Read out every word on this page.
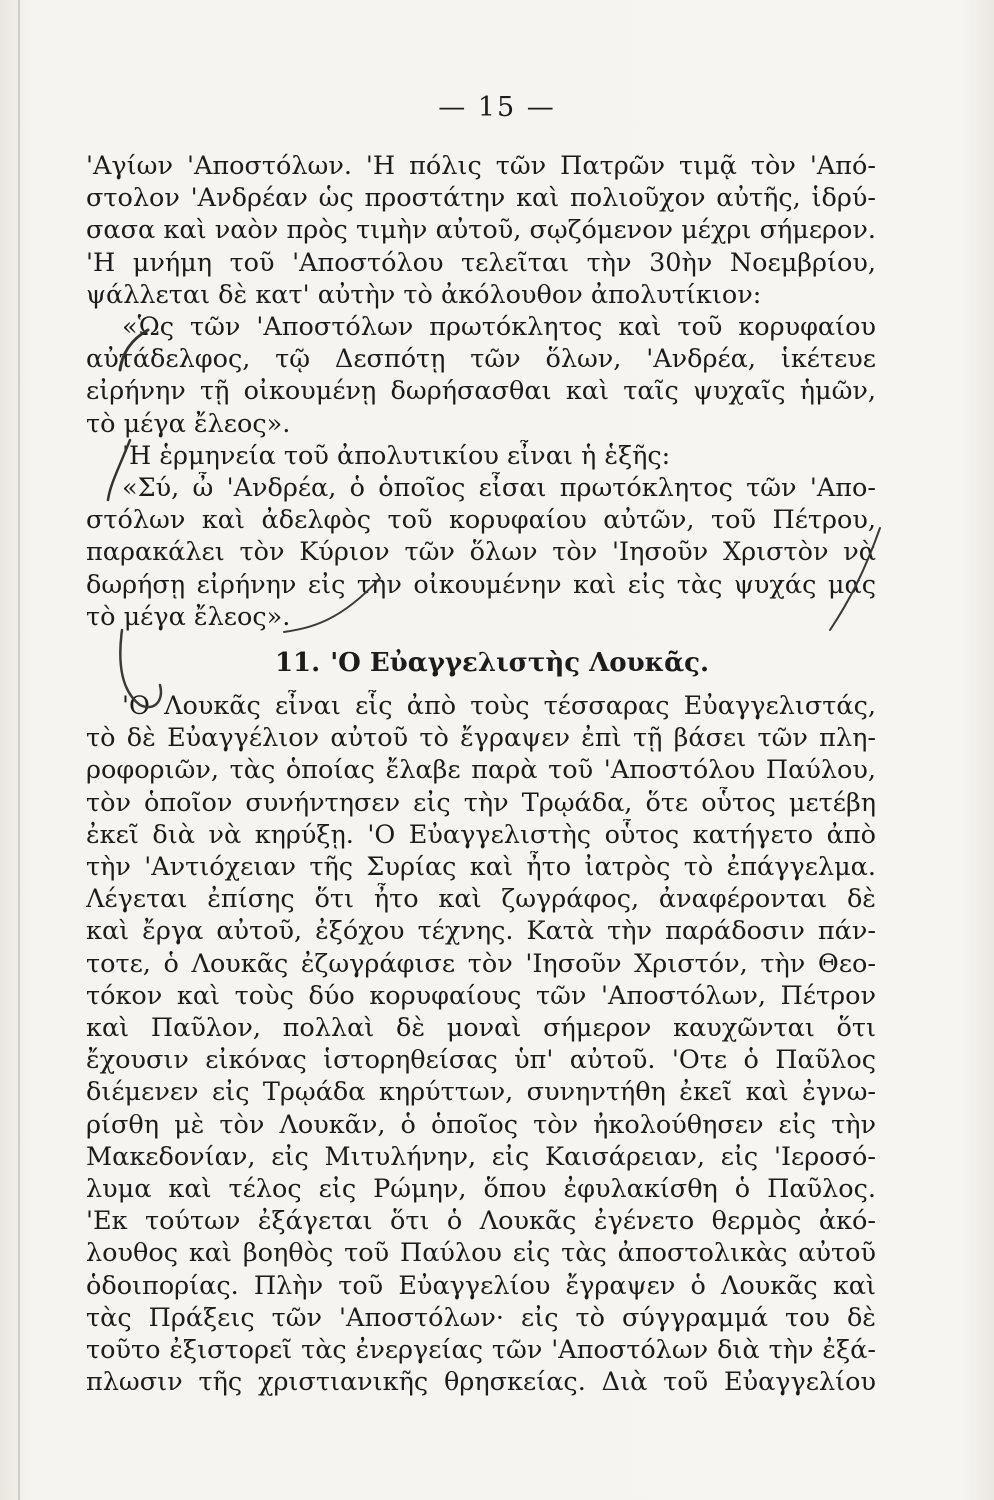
— 15 —
'Αγίων 'Αποστόλων. 'Η πόλις τῶν Πατρῶν τιμᾷ τὸν 'Από-
στολον 'Ανδρέαν ὡς προστάτην καὶ πολιοῦχον αὐτῆς, ἱδρύ-
σασα καὶ ναὸν πρὸς τιμὴν αὐτοῦ, σῳζόμενον μέχρι σήμερον.
'Η μνήμη τοῦ 'Αποστόλου τελεῖται τὴν 30ὴν Νοεμβρίου,
ψάλλεται δὲ κατ' αὐτὴν τὸ ἀκόλουθον ἀπολυτίκιον:
«Ὡς τῶν 'Αποστόλων πρωτόκλητος καὶ τοῦ κορυφαίου
αὐτάδελφος, τῷ Δεσπότῃ τῶν ὅλων, 'Ανδρέα, ἱκέτευε
εἰρήνην τῇ οἰκουμένῃ δωρήσασθαι καὶ ταῖς ψυχαῖς ἡμῶν,
τὸ μέγα ἔλεος».
'Η ἑρμηνεία τοῦ ἀπολυτικίου εἶναι ἡ ἑξῆς:
«Σύ, ὦ 'Ανδρέα, ὁ ὁποῖος εἶσαι πρωτόκλητος τῶν 'Απο-
στόλων καὶ ἀδελφὸς τοῦ κορυφαίου αὐτῶν, τοῦ Πέτρου,
παρακάλει τὸν Κύριον τῶν ὅλων τὸν 'Ιησοῦν Χριστὸν νὰ
δωρήσῃ εἰρήνην εἰς τὴν οἰκουμένην καὶ εἰς τὰς ψυχάς μας
τὸ μέγα ἔλεος».
11. 'Ο Εὐαγγελιστὴς Λουκᾶς.
'Ο Λουκᾶς εἶναι εἷς ἀπὸ τοὺς τέσσαρας Εὐαγγελιστάς,
τὸ δὲ Εὐαγγέλιον αὐτοῦ τὸ ἔγραψεν ἐπὶ τῇ βάσει τῶν πλη-
ροφοριῶν, τὰς ὁποίας ἔλαβε παρὰ τοῦ 'Αποστόλου Παύλου,
τὸν ὁποῖον συνήντησεν εἰς τὴν Τρῳάδα, ὅτε οὗτος μετέβη
ἐκεῖ διὰ νὰ κηρύξῃ. 'Ο Εὐαγγελιστὴς οὗτος κατήγετο ἀπὸ
τὴν 'Αντιόχειαν τῆς Συρίας καὶ ἦτο ἰατρὸς τὸ ἐπάγγελμα.
Λέγεται ἐπίσης ὅτι ἦτο καὶ ζωγράφος, ἀναφέρονται δὲ
καὶ ἔργα αὐτοῦ, ἐξόχου τέχνης. Κατὰ τὴν παράδοσιν πάν-
τοτε, ὁ Λουκᾶς ἐζωγράφισε τὸν 'Ιησοῦν Χριστόν, τὴν Θεο-
τόκον καὶ τοὺς δύο κορυφαίους τῶν 'Αποστόλων, Πέτρον
καὶ Παῦλον, πολλαὶ δὲ μοναὶ σήμερον καυχῶνται ὅτι
ἔχουσιν εἰκόνας ἱστορηθείσας ὑπ' αὐτοῦ. 'Οτε ὁ Παῦλος
διέμενεν εἰς Τρῳάδα κηρύττων, συνηντήθη ἐκεῖ καὶ ἐγνω-
ρίσθη μὲ τὸν Λουκᾶν, ὁ ὁποῖος τὸν ἠκολούθησεν εἰς τὴν
Μακεδονίαν, εἰς Μιτυλήνην, εἰς Καισάρειαν, εἰς 'Ιεροσό-
λυμα καὶ τέλος εἰς Ρώμην, ὅπου ἐφυλακίσθη ὁ Παῦλος.
'Εκ τούτων ἐξάγεται ὅτι ὁ Λουκᾶς ἐγένετο θερμὸς ἀκό-
λουθος καὶ βοηθὸς τοῦ Παύλου εἰς τὰς ἀποστολικὰς αὐτοῦ
ὁδοιπορίας. Πλὴν τοῦ Εὐαγγελίου ἔγραψεν ὁ Λουκᾶς καὶ
τὰς Πράξεις τῶν 'Αποστόλων· εἰς τὸ σύγγραμμά του δὲ
τοῦτο ἐξιστορεῖ τὰς ἐνεργείας τῶν 'Αποστόλων διὰ τὴν ἐξά-
πλωσιν τῆς χριστιανικῆς θρησκείας. Διὰ τοῦ Εὐαγγελίου
